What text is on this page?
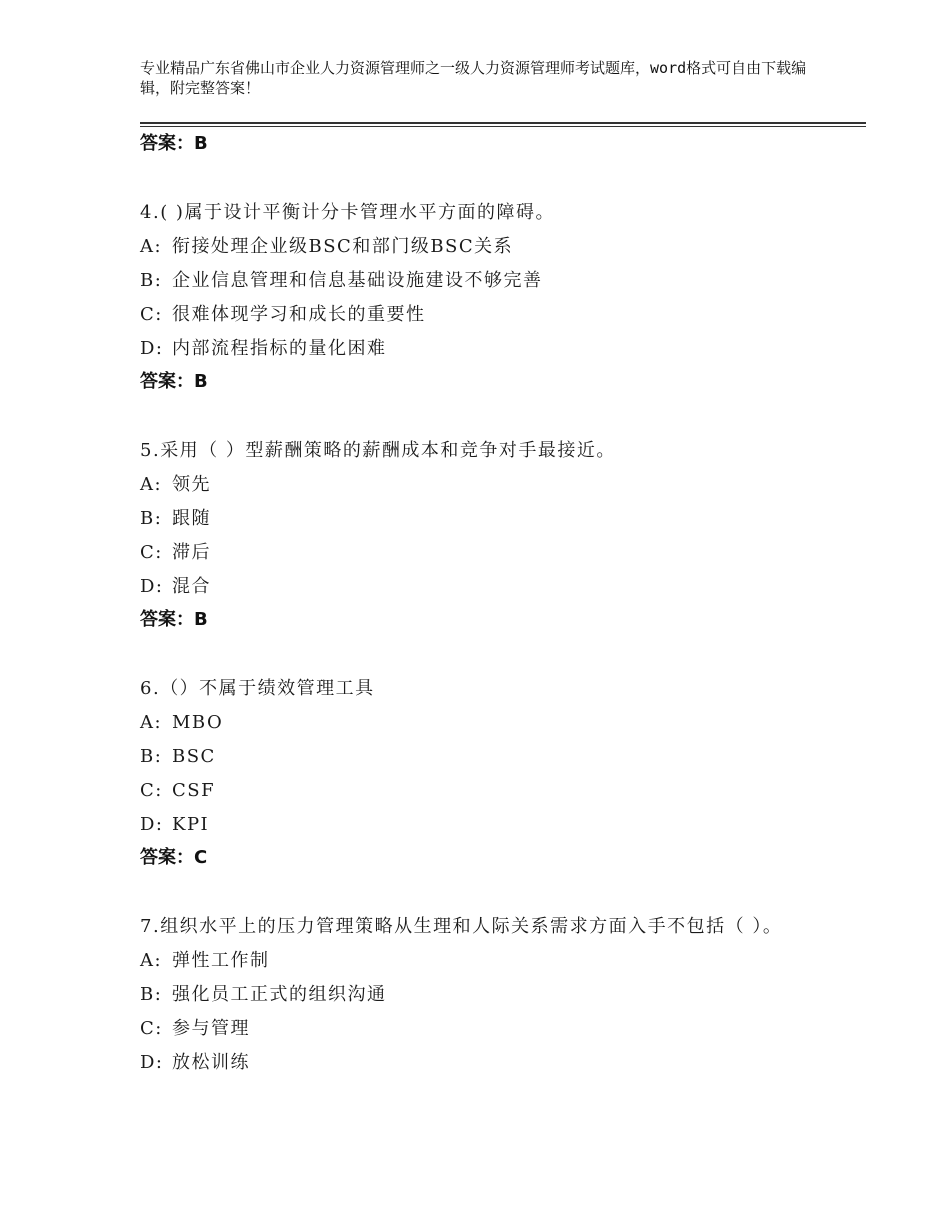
专业精品广东省佛山市企业人力资源管理师之一级人力资源管理师考试题库，word格式可自由下载编辑，附完整答案！
答案：B
4.( )属于设计平衡计分卡管理水平方面的障碍。
A: 衔接处理企业级BSC和部门级BSC关系
B: 企业信息管理和信息基础设施建设不够完善
C: 很难体现学习和成长的重要性
D: 内部流程指标的量化困难
答案：B
5.采用（ ）型薪酬策略的薪酬成本和竞争对手最接近。
A: 领先
B: 跟随
C: 滞后
D: 混合
答案：B
6.（）不属于绩效管理工具
A: MBO
B: BSC
C: CSF
D: KPI
答案：C
7.组织水平上的压力管理策略从生理和人际关系需求方面入手不包括（ ）。
A: 弹性工作制
B: 强化员工正式的组织沟通
C: 参与管理
D: 放松训练
